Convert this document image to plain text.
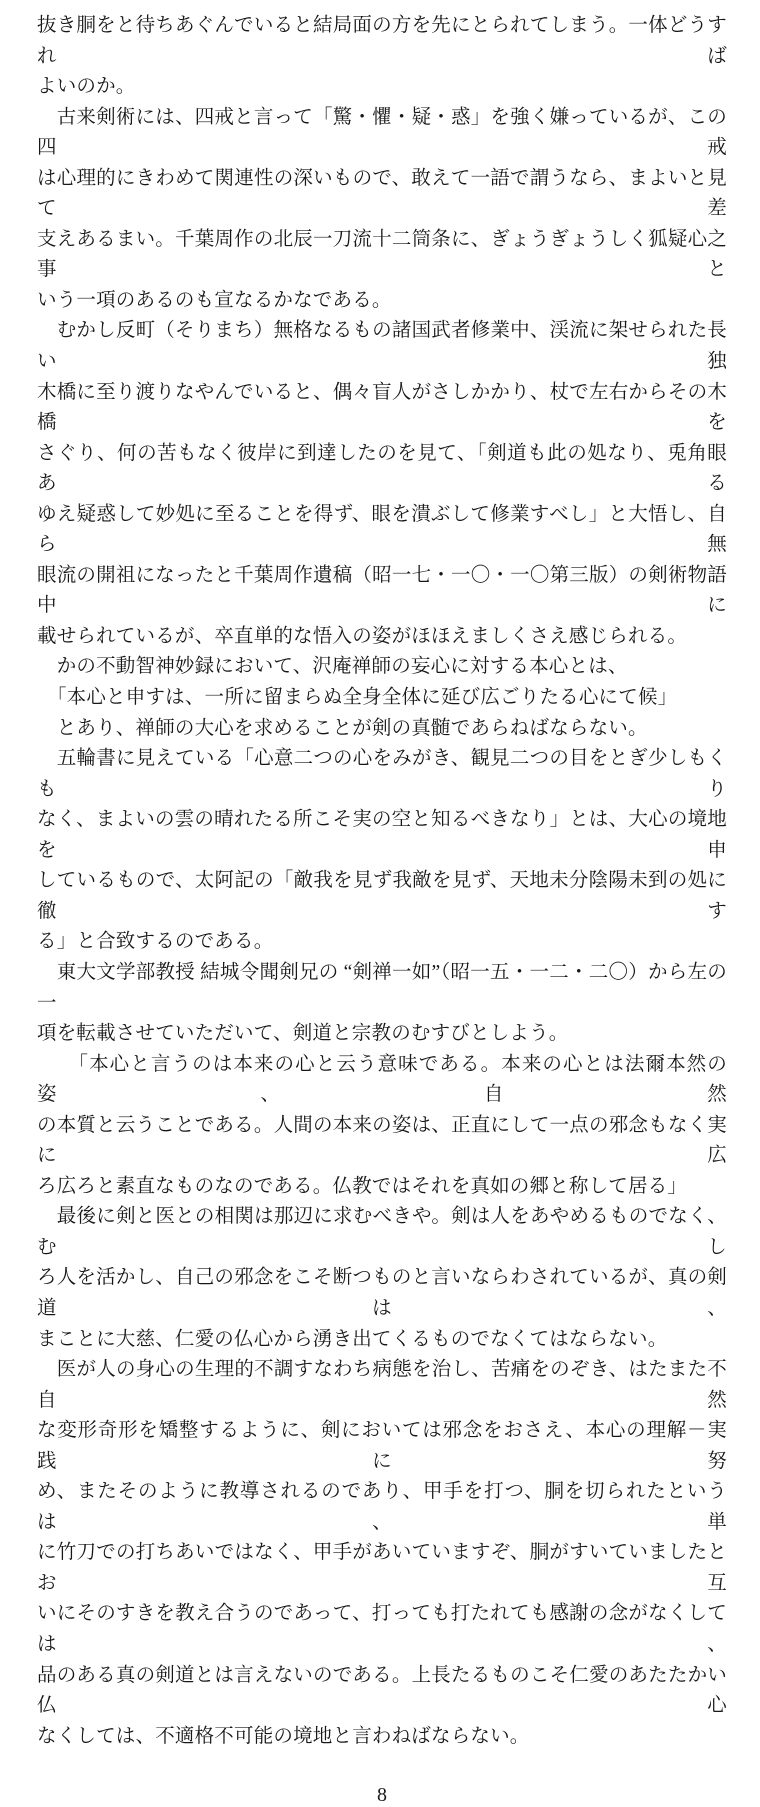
抜き胴をと待ちあぐんでいると結局面の方を先にとられてしまう。一体どうすれば
よいのか。
　古来剣術には、四戒と言って「驚・懼・疑・惑」を強く嫌っているが、この四戒
は心理的にきわめて関連性の深いもので、敢えて一語で謂うなら、まよいと見て差
支えあるまい。千葉周作の北辰一刀流十二筒条に、ぎょうぎょうしく狐疑心之事と
いう一項のあるのも宣なるかなである。
　むかし反町（そりまち）無格なるもの諸国武者修業中、渓流に架せられた長い独
木橋に至り渡りなやんでいると、偶々盲人がさしかかり、杖で左右からその木橋を
さぐり、何の苦もなく彼岸に到達したのを見て、「剣道も此の処なり、兎角眼ある
ゆえ疑惑して妙処に至ることを得ず、眼を潰ぶして修業すべし」と大悟し、自ら無
眼流の開祖になったと千葉周作遺稿（昭一七・一〇・一〇第三版）の剣術物語中に
載せられているが、卒直単的な悟入の姿がほほえましくさえ感じられる。
　かの不動智神妙録において、沢庵禅師の妄心に対する本心とは、
　「本心と申すは、一所に留まらぬ全身全体に延び広ごりたる心にて候」
　とあり、禅師の大心を求めることが剣の真髄であらねばならない。
　五輪書に見えている「心意二つの心をみがき、観見二つの目をとぎ少しもくもり
なく、まよいの雲の晴れたる所こそ実の空と知るべきなり」とは、大心の境地を申
しているもので、太阿記の「敵我を見ず我敵を見ず、天地未分陰陽未到の処に徹す
る」と合致するのである。
　東大文学部教授 結城令聞剣兄の “剣禅一如”（昭一五・一二・二〇）から左の一
項を転載させていただいて、剣道と宗教のむすびとしよう。
　　「本心と言うのは本来の心と云う意味である。本来の心とは法爾本然の姿、自然
の本質と云うことである。人間の本来の姿は、正直にして一点の邪念もなく実に広
ろ広ろと素直なものなのである。仏教ではそれを真如の郷と称して居る」
　最後に剣と医との相関は那辺に求むべきや。剣は人をあやめるものでなく、むし
ろ人を活かし、自己の邪念をこそ断つものと言いならわされているが、真の剣道は、
まことに大慈、仁愛の仏心から湧き出てくるものでなくてはならない。
　医が人の身心の生理的不調すなわち病態を治し、苦痛をのぞき、はたまた不自然
な変形奇形を矯整するように、剣においては邪念をおさえ、本心の理解－実践に努
め、またそのように教導されるのであり、甲手を打つ、胴を切られたというは、単
に竹刀での打ちあいではなく、甲手があいていますぞ、胴がすいていましたとお互
いにそのすきを教え合うのであって、打っても打たれても感謝の念がなくしては、
品のある真の剣道とは言えないのである。上長たるものこそ仁愛のあたたかい仏心
なくしては、不適格不可能の境地と言わねばならない。
8
